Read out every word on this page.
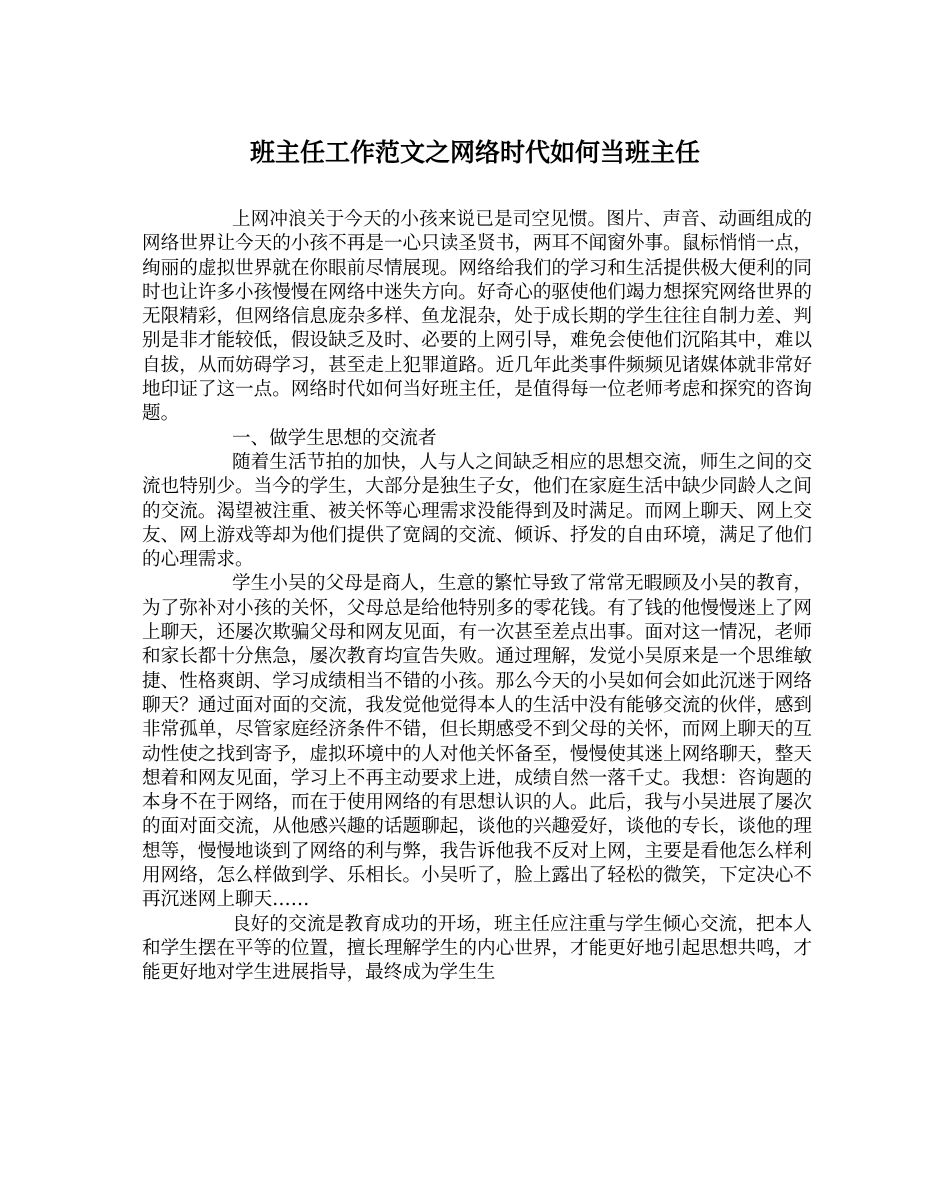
班主任工作范文之网络时代如何当班主任

上网冲浪关于今天的小孩来说已是司空见惯。图片、声音、动画组成的网络世界让今天的小孩不再是一心只读圣贤书，两耳不闻窗外事。鼠标悄悄一点，绚丽的虚拟世界就在你眼前尽情展现。网络给我们的学习和生活提供极大便利的同时也让许多小孩慢慢在网络中迷失方向。好奇心的驱使他们竭力想探究网络世界的无限精彩，但网络信息庞杂多样、鱼龙混杂，处于成长期的学生往往自制力差、判别是非才能较低，假设缺乏及时、必要的上网引导，难免会使他们沉陷其中，难以自拔，从而妨碍学习，甚至走上犯罪道路。近几年此类事件频频见诸媒体就非常好地印证了这一点。网络时代如何当好班主任，是值得每一位老师考虑和探究的咨询题。

一、做学生思想的交流者

随着生活节拍的加快，人与人之间缺乏相应的思想交流，师生之间的交流也特别少。当今的学生，大部分是独生子女，他们在家庭生活中缺少同龄人之间的交流。渴望被注重、被关怀等心理需求没能得到及时满足。而网上聊天、网上交友、网上游戏等却为他们提供了宽阔的交流、倾诉、抒发的自由环境，满足了他们的心理需求。

学生小吴的父母是商人，生意的繁忙导致了常常无暇顾及小吴的教育，为了弥补对小孩的关怀，父母总是给他特别多的零花钱。有了钱的他慢慢迷上了网上聊天，还屡次欺骗父母和网友见面，有一次甚至差点出事。面对这一情况，老师和家长都十分焦急，屡次教育均宣告失败。通过理解，发觉小吴原来是一个思维敏捷、性格爽朗、学习成绩相当不错的小孩。那么今天的小吴如何会如此沉迷于网络聊天？通过面对面的交流，我发觉他觉得本人的生活中没有能够交流的伙伴，感到非常孤单，尽管家庭经济条件不错，但长期感受不到父母的关怀，而网上聊天的互动性使之找到寄予，虚拟环境中的人对他关怀备至，慢慢使其迷上网络聊天，整天想着和网友见面，学习上不再主动要求上进，成绩自然一落千丈。我想：咨询题的本身不在于网络，而在于使用网络的有思想认识的人。此后，我与小吴进展了屡次的面对面交流，从他感兴趣的话题聊起，谈他的兴趣爱好，谈他的专长，谈他的理想等，慢慢地谈到了网络的利与弊，我告诉他我不反对上网，主要是看他怎么样利用网络，怎么样做到学、乐相长。小吴听了，脸上露出了轻松的微笑，下定决心不再沉迷网上聊天……

良好的交流是教育成功的开场，班主任应注重与学生倾心交流，把本人和学生摆在平等的位置，擅长理解学生的内心世界，才能更好地引起思想共鸣，才能更好地对学生进展指导，最终成为学生生
